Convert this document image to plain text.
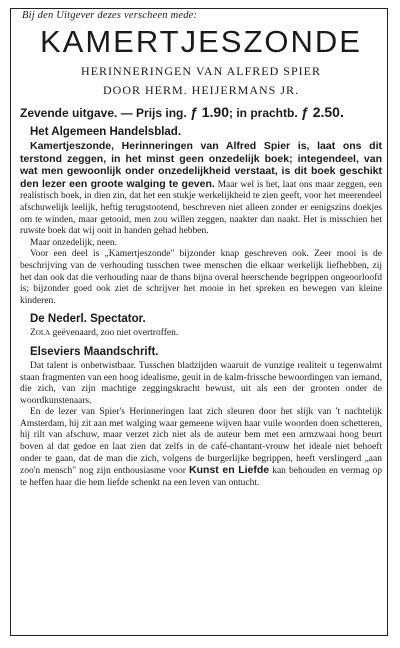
Bij den Uitgever dezes verscheen mede:
KAMERTJESZONDE
HERINNERINGEN VAN ALFRED SPIER
DOOR HERM. HEIJERMANS JR.
Zevende uitgave. — Prijs ing. ƒ 1.90; in prachtb. ƒ 2.50.
Het Algemeen Handelsblad.

Kamertjeszonde, Herinneringen van Alfred Spier is, laat ons dit terstond zeggen, in het minst geen onzedelijk boek; integendeel, van wat men gewoonlijk onder onzedelijkheid verstaat, is dit boek geschikt den lezer een groote walging te geven. Maar wel is het, laat ons maar zeggen, een realistisch boek, in dien zin, dat het een stukje werkelijkheid te zien geeft, voor het meerendeel afschuwelijk leelijk, heftig terugstootend, beschreven niet alleen zonder er eenigszins doekjes om te winden, maar getooid, men zou willen zeggen, naakter dan naakt. Het is misschien het ruwste boek dat wij ooit in handen gehad hebben.

Maar onzedelijk, neen.

Voor een deel is „Kamertjeszonde" bijzonder knap geschreven ook. Zeer mooi is de beschrijving van de verhouding tusschen twee menschen die elkaar werkelijk liefhebben, zij het dan ook dat die verhouding naar de thans bijna overal heerschende begrippen ongeoorloofd is; bijzonder goed ook ziet de schrijver het mooie in het spreken en bewegen van kleine kinderen.

De Nederl. Spectator.

Zola geëvenaard, zoo niet overtroffen.

Elseviers Maandschrift.

Dat talent is onbetwistbaar. Tusschen bladzijden waaruit de vunzige realiteit u tegenwalmt staan fragmenten van een hoog idealisme, geuit in de kalm-frissche bewoordingen van iemand, die zich, van zijn machtige zeggingskracht bewust, uit als een der grooten onder de woordkunstenaars.

En de lezer van Spier's Herinneringen laat zich sleuren door het slijk van 't nachtelijk Amsterdam, hij zit aan met walging waar gemeene wijven haar vuile woorden doen schetteren, hij rilt van afschuw, maar verzet zich niet als de auteur bem met een armzwaai hoog beurt boven al dat gedoe en laat zien dat zelfs in de café-chantant-vrouw het ideale niet behoeft onder te gaan, dat de man die zich, volgens de burgerlijke begrippen, heeft verslingerd „aan zoo'n mensch" nog zijn enthousiasme voor Kunst en Liefde kan behouden en vermag op te heffen haar die hem liefde schenkt na een leven van ontucht.
